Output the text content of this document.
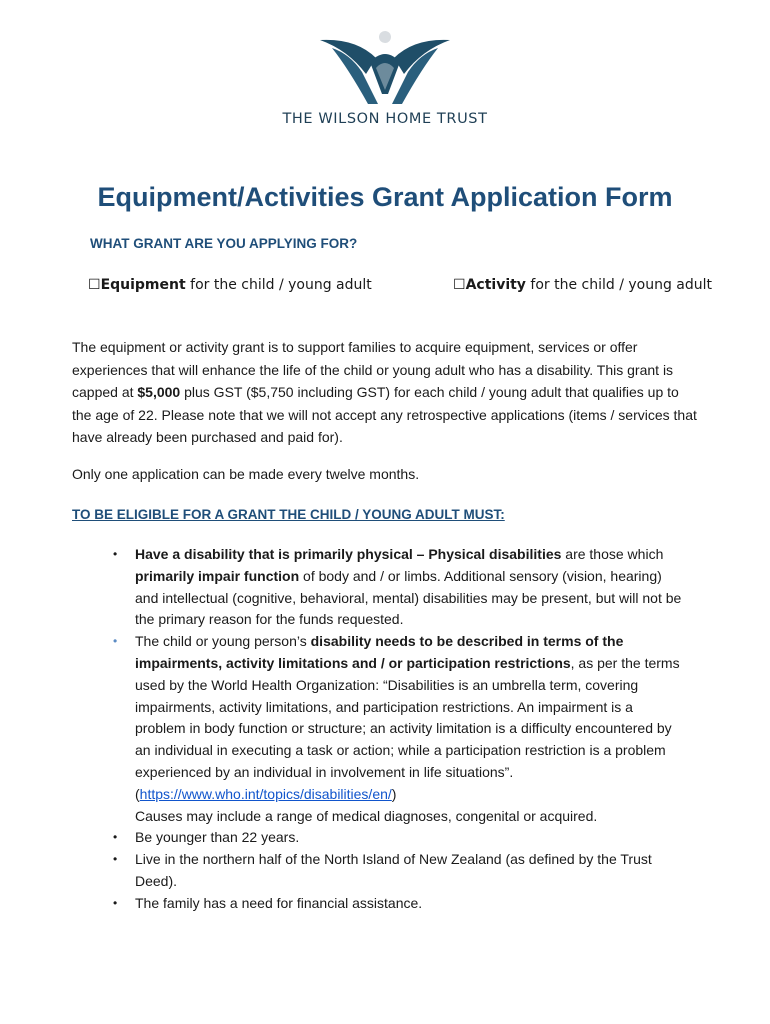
THE WILSON HOME TRUST
Equipment/Activities Grant Application Form
WHAT GRANT ARE YOU APPLYING FOR?
☐Equipment for the child / young adult	☐Activity for the child / young adult
The equipment or activity grant is to support families to acquire equipment, services or offer experiences that will enhance the life of the child or young adult who has a disability. This grant is capped at $5,000 plus GST ($5,750 including GST) for each child / young adult that qualifies up to the age of 22. Please note that we will not accept any retrospective applications (items / services that have already been purchased and paid for).
Only one application can be made every twelve months.
TO BE ELIGIBLE FOR A GRANT THE CHILD / YOUNG ADULT MUST:
• Have a disability that is primarily physical – Physical disabilities are those which primarily impair function of body and / or limbs. Additional sensory (vision, hearing) and intellectual (cognitive, behavioral, mental) disabilities may be present, but will not be the primary reason for the funds requested.
• The child or young person’s disability needs to be described in terms of the impairments, activity limitations and / or participation restrictions, as per the terms used by the World Health Organization: “Disabilities is an umbrella term, covering impairments, activity limitations, and participation restrictions. An impairment is a problem in body function or structure; an activity limitation is a difficulty encountered by an individual in executing a task or action; while a participation restriction is a problem experienced by an individual in involvement in life situations”. (https://www.who.int/topics/disabilities/en/)
Causes may include a range of medical diagnoses, congenital or acquired.
• Be younger than 22 years.
• Live in the northern half of the North Island of New Zealand (as defined by the Trust Deed).
• The family has a need for financial assistance.
